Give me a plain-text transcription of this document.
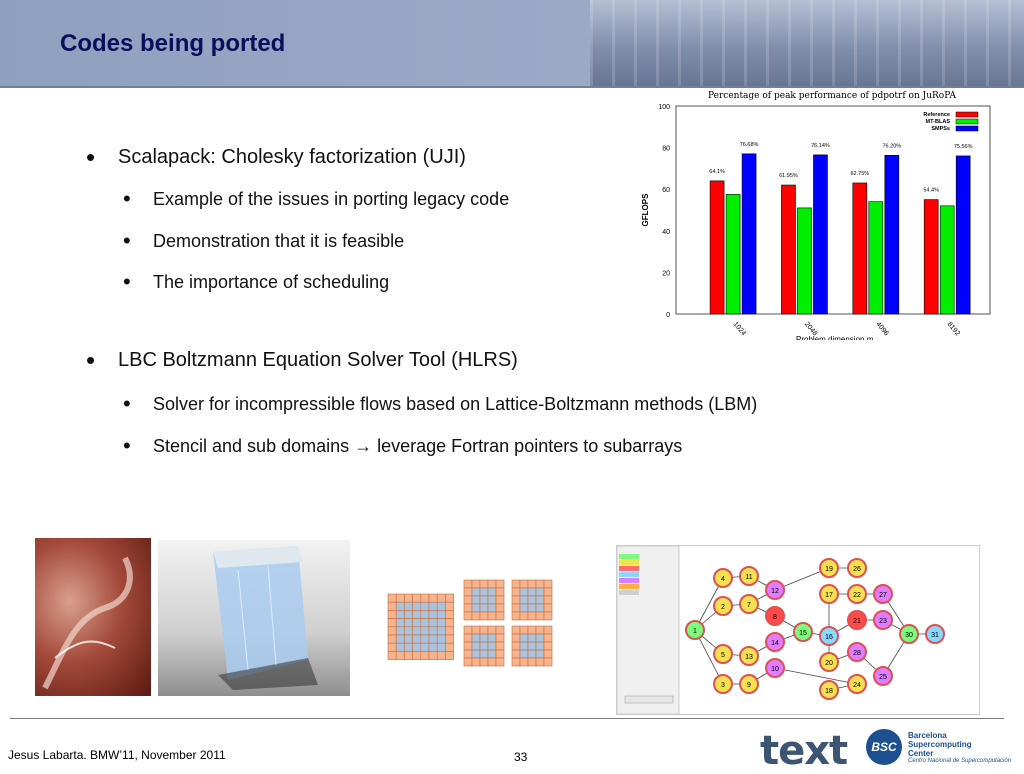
Codes being ported
• Scalapack: Cholesky factorization (UJI)
• Example of the issues in porting legacy code
• Demonstration that it is feasible
• The importance of scheduling
• LBC Boltzmann Equation Solver Tool (HLRS)
• Solver for incompressible flows based on Lattice-Boltzmann methods (LBM)
• Stencil and sub domains → leverage Fortran pointers to subarrays
Percentage of peak performance of pdpotrf on JuRoPA
0
20
40
60
80
100
GFLOPS
64.1%
76.68%
1024
61.95%
76.14%
2048
62.75%
76.20%
4096
54.4%
75.56%
8192
Problem dimension m
Reference
MT-BLAS
SMPSs
1
4	11
2	7
12
8
3	9
5	13
14
10
15
16
19	26
17	22	27
21	23
20
28
25
24
18
30	31
Jesus Labarta. BMW’11, November 2011	33	text	BSC
Barcelona
Supercomputing
Center
Centro Nacional de Supercomputación
